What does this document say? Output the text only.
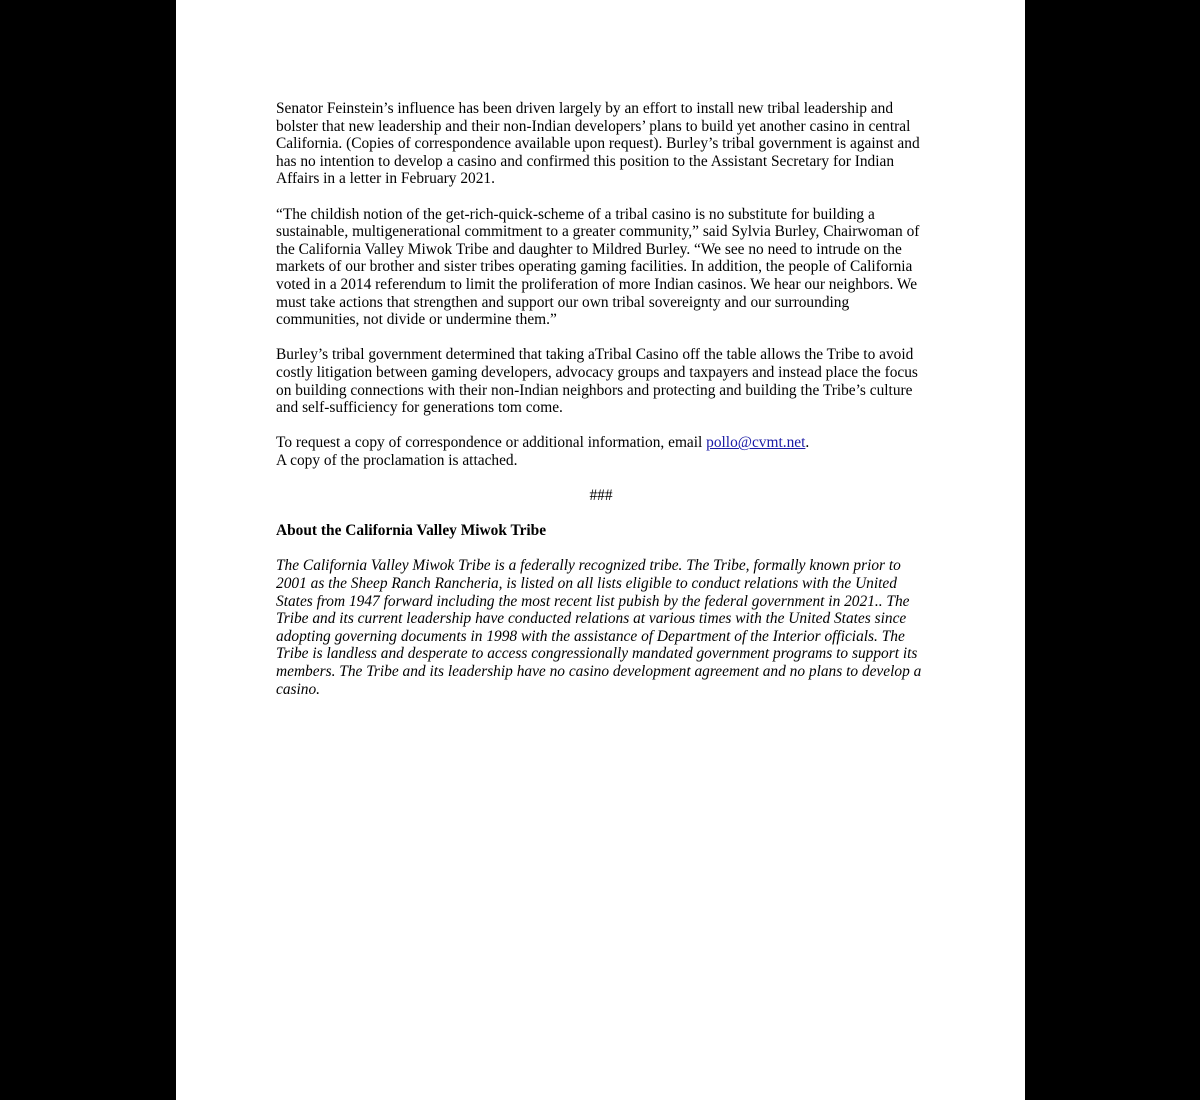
Senator Feinstein’s influence has been driven largely by an effort to install new tribal leadership and bolster that new leadership and their non-Indian developers’ plans to build yet another casino in central California. (Copies of correspondence available upon request). Burley’s tribal government is against and has no intention to develop a casino and confirmed this position to the Assistant Secretary for Indian Affairs in a letter in February 2021.

“The childish notion of the get-rich-quick-scheme of a tribal casino is no substitute for building a sustainable, multigenerational commitment to a greater community,” said Sylvia Burley, Chairwoman of the California Valley Miwok Tribe and daughter to Mildred Burley. “We see no need to intrude on the markets of our brother and sister tribes operating gaming facilities. In addition, the people of California voted in a 2014 referendum to limit the proliferation of more Indian casinos. We hear our neighbors. We must take actions that strengthen and support our own tribal sovereignty and our surrounding communities, not divide or undermine them.”

Burley’s tribal government determined that taking aTribal Casino off the table allows the Tribe to avoid costly litigation between gaming developers, advocacy groups and taxpayers and instead place the focus on building connections with their non-Indian neighbors and protecting and building the Tribe’s culture and self-sufficiency for generations tom come.

To request a copy of correspondence or additional information, email pollo@cvmt.net.

A copy of the proclamation is attached.

###

About the California Valley Miwok Tribe

The California Valley Miwok Tribe is a federally recognized tribe. The Tribe, formally known prior to 2001 as the Sheep Ranch Rancheria, is listed on all lists eligible to conduct relations with the United States from 1947 forward including the most recent list pubish by the federal government in 2021.. The Tribe and its current leadership have conducted relations at various times with the United States since adopting governing documents in 1998 with the assistance of Department of the Interior officials. The Tribe is landless and desperate to access congressionally mandated government programs to support its members. The Tribe and its leadership have no casino development agreement and no plans to develop a casino.
